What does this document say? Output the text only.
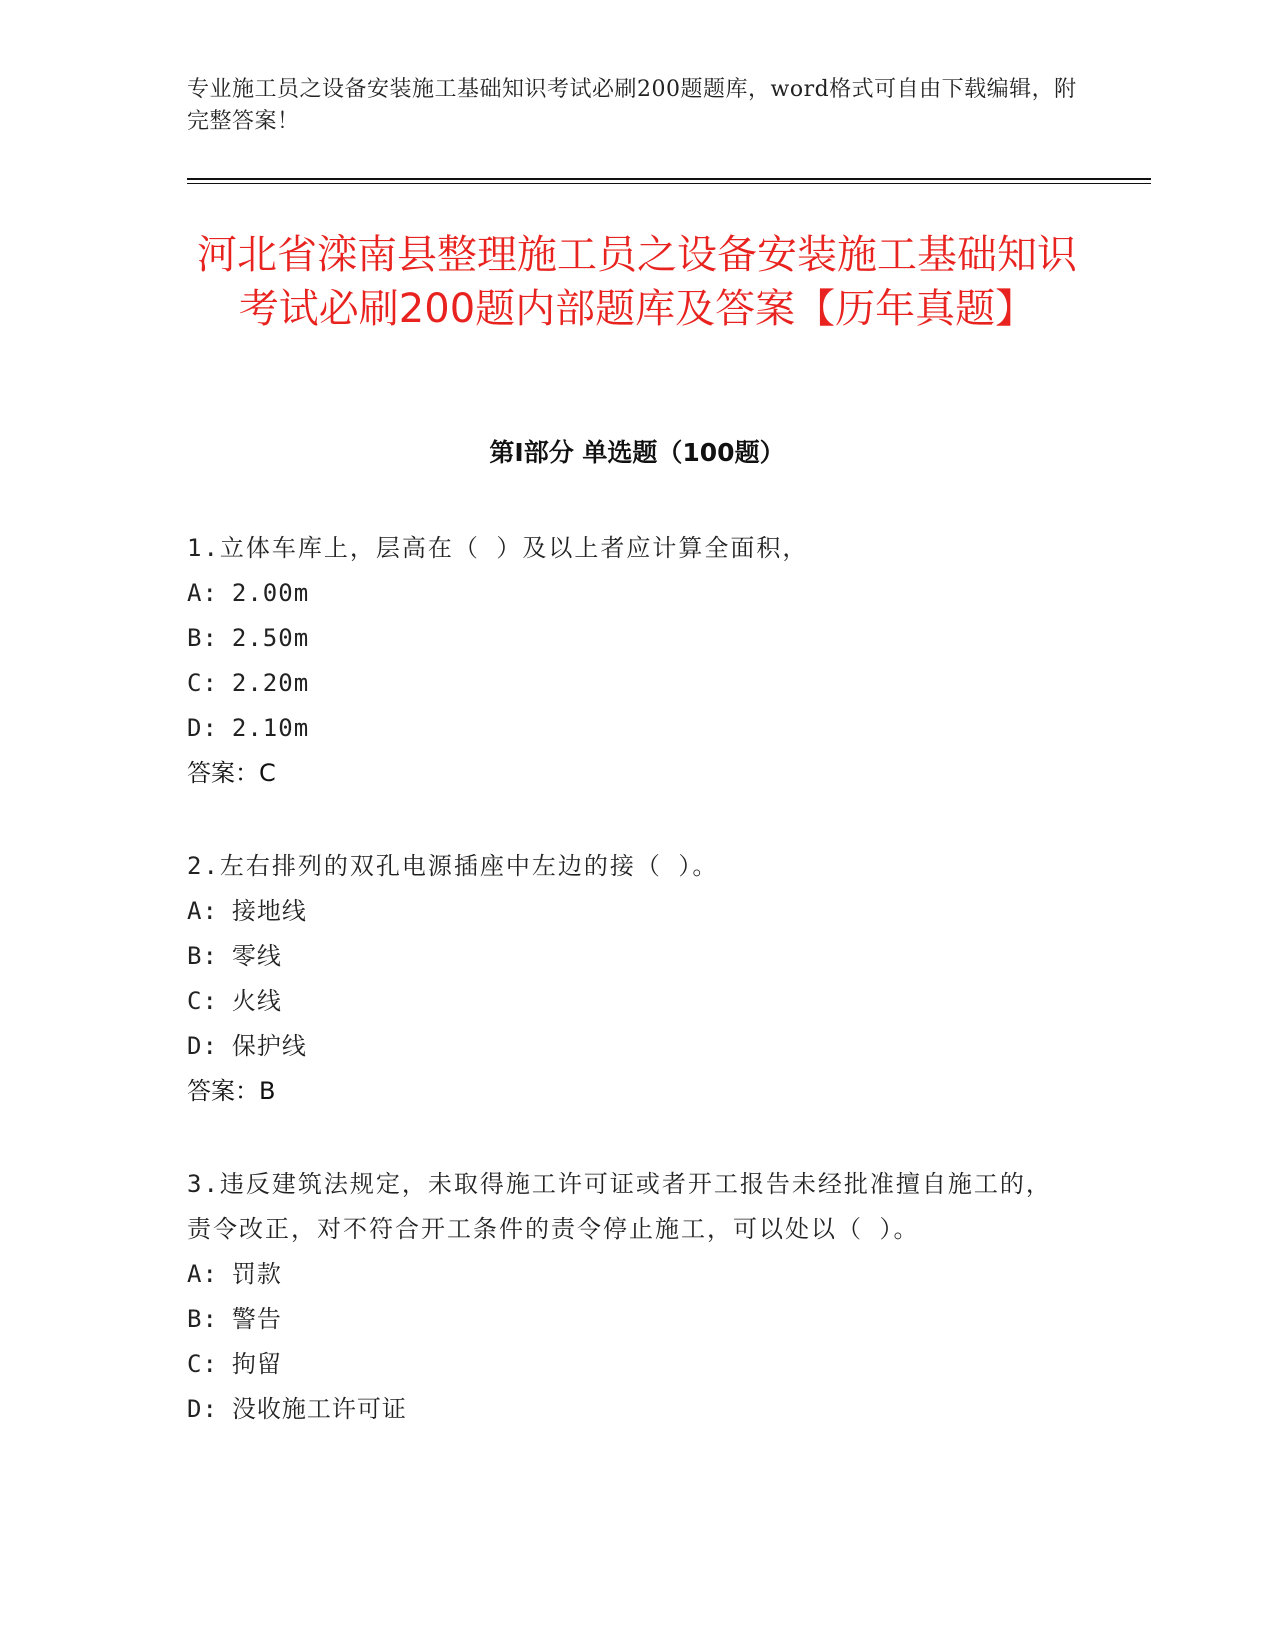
专业施工员之设备安装施工基础知识考试必刷200题题库，word格式可自由下载编辑，附完整答案！
河北省滦南县整理施工员之设备安装施工基础知识考试必刷200题内部题库及答案【历年真题】
第Ⅰ部分 单选题（100题）
1.立体车库上，层高在（ ）及以上者应计算全面积，
A: 2.00m
B: 2.50m
C: 2.20m
D: 2.10m
答案：C
2.左右排列的双孔电源插座中左边的接（ ）。
A: 接地线
B: 零线
C: 火线
D: 保护线
答案：B
3.违反建筑法规定，未取得施工许可证或者开工报告未经批准擅自施工的，责令改正，对不符合开工条件的责令停止施工，可以处以（ ）。
A: 罚款
B: 警告
C: 拘留
D: 没收施工许可证
